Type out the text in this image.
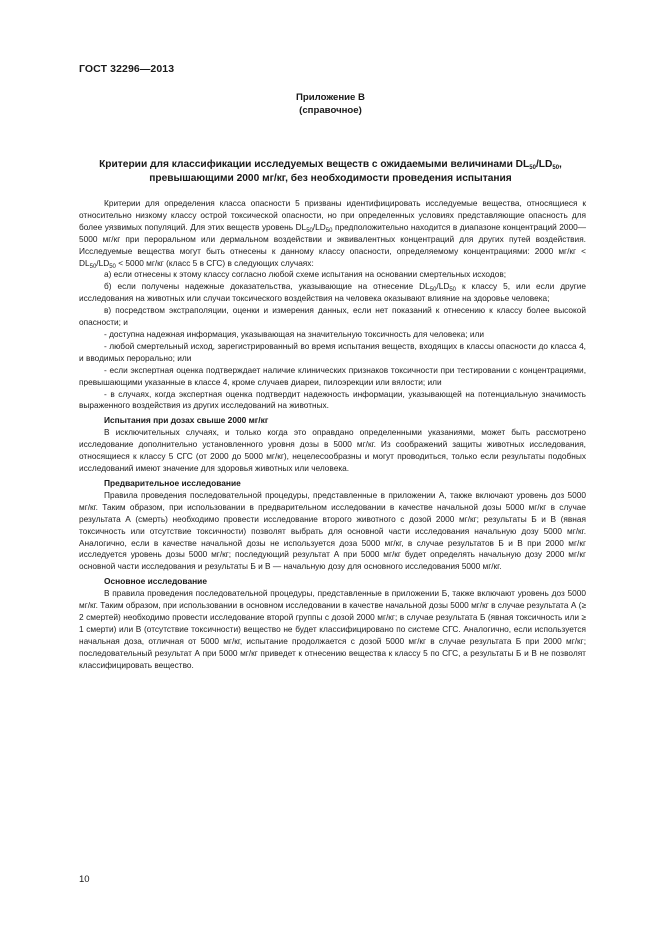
ГОСТ 32296—2013
Приложение В
(справочное)
Критерии для классификации исследуемых веществ с ожидаемыми величинами $DL_{50}/LD_{50}$,
превышающими 2000 мг/кг, без необходимости проведения испытания

Критерии для определения класса опасности 5 призваны идентифицировать исследуемые вещества, относящиеся к относительно низкому классу острой токсической опасности, но при определенных условиях представляющие опасность для более уязвимых популяций. Для этих веществ уровень $DL_{50}/LD_{50}$ предположительно находится в диапазоне концентраций 2000—5000 мг/кг при пероральном или дермальном воздействии и эквивалентных концентраций для других путей воздействия. Исследуемые вещества могут быть отнесены к данному классу опасности, определяемому концентрациями: 2000 $мг/кг < DL_{50}/LD_{50} < 5000$ мг/кг (класс 5 в СГС) в следующих случаях:

а) если отнесены к этому классу согласно любой схеме испытания на основании смертельных исходов;

б) если получены надежные доказательства, указывающие на отнесение $DL_{50}/LD_{50}$ к классу 5, или если другие исследования на животных или случаи токсического воздействия на человека оказывают влияние на здоровье человека;

в) посредством экстраполяции, оценки и измерения данных, если нет показаний к отнесению к классу более высокой опасности; и

- доступна надежная информация, указывающая на значительную токсичность для человека; или

- любой смертельный исход, зарегистрированный во время испытания веществ, входящих в классы опасности до класса 4, и вводимых перорально; или

- если экспертная оценка подтверждает наличие клинических признаков токсичности при тестировании с концентрациями, превышающими указанные в классе 4, кроме случаев диареи, пилоэрекции или вялости; или

- в случаях, когда экспертная оценка подтвердит надежность информации, указывающей на потенциальную значимость выраженного воздействия из других исследований на животных.

Испытания при дозах свыше 2000 мг/кг

В исключительных случаях, и только когда это оправдано определенными указаниями, может быть рассмотрено исследование дополнительно установленного уровня дозы в 5000 мг/кг. Из соображений защиты животных исследования, относящиеся к классу 5 СГС (от 2000 до 5000 мг/кг), нецелесообразны и могут проводиться, только если результаты подобных исследований имеют значение для здоровья животных или человека.

Предварительное исследование

Правила проведения последовательной процедуры, представленные в приложении А, также включают уровень доз 5000 мг/кг. Таким образом, при использовании в предварительном исследовании в качестве начальной дозы 5000 мг/кг в случае результата А (смерть) необходимо провести исследование второго животного с дозой 2000 мг/кг; результаты Б и В (явная токсичность или отсутствие токсичности) позволят выбрать для основной части исследования начальную дозу 5000 мг/кг. Аналогично, если в качестве начальной дозы не используется доза 5000 мг/кг, в случае результатов Б и В при 2000 мг/кг исследуется уровень дозы 5000 мг/кг; последующий результат А при 5000 мг/кг будет определять начальную дозу 2000 мг/кг основной части исследования и результаты Б и В — начальную дозу для основного исследования 5000 мг/кг.

Основное исследование

В правила проведения последовательной процедуры, представленные в приложении Б, также включают уровень доз 5000 мг/кг. Таким образом, при использовании в основном исследовании в качестве начальной дозы 5000 мг/кг в случае результата А (≥ 2 смертей) необходимо провести исследование второй группы с дозой 2000 мг/кг; в случае результата Б (явная токсичность или ≥ 1 смерти) или В (отсутствие токсичности) вещество не будет классифицировано по системе СГС. Аналогично, если используется начальная доза, отличная от 5000 мг/кг, испытание продолжается с дозой 5000 мг/кг в случае результата Б при 2000 мг/кг; последовательный результат А при 5000 мг/кг приведет к отнесению вещества к классу 5 по СГС, а результаты Б и В не позволят классифицировать вещество.

10
